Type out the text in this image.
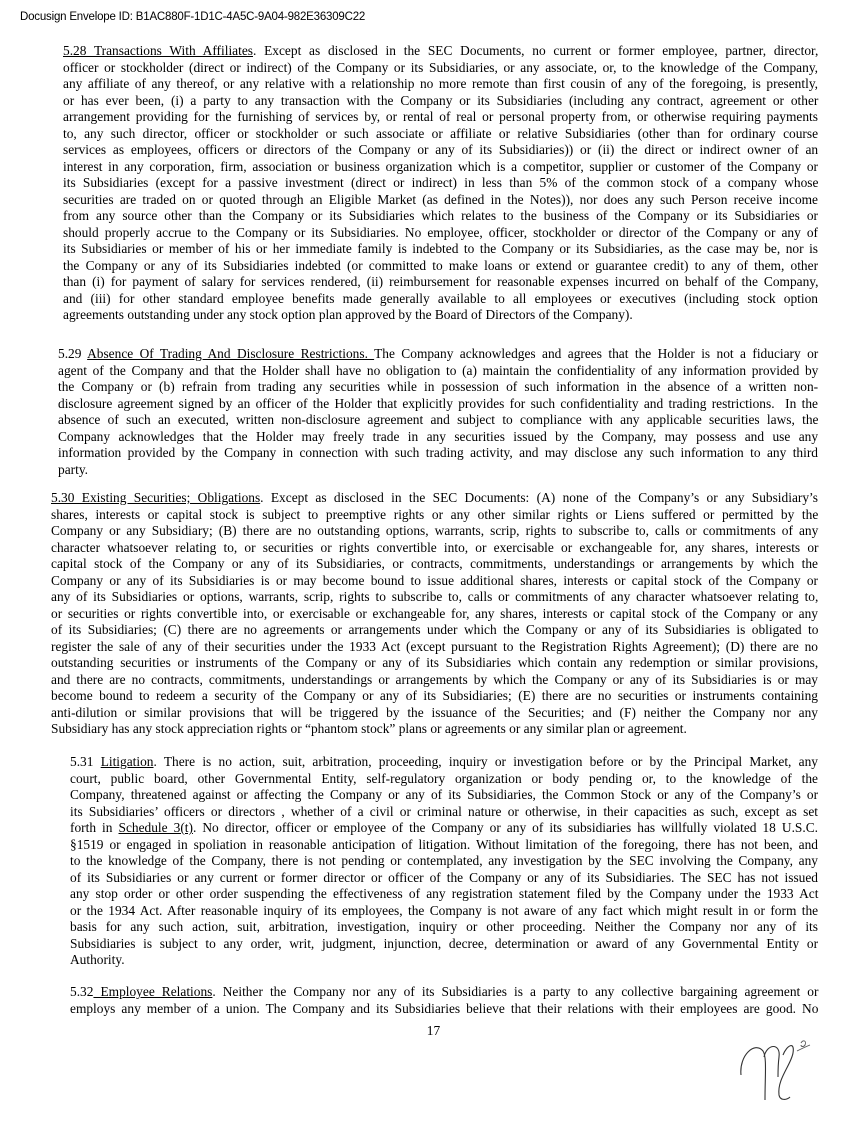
Docusign Envelope ID: B1AC880F-1D1C-4A5C-9A04-982E36309C22
5.28 Transactions With Affiliates. Except as disclosed in the SEC Documents, no current or former employee, partner, director,
officer or stockholder (direct or indirect) of the Company or its Subsidiaries, or any associate, or, to the knowledge of the Company,
any affiliate of any thereof, or any relative with a relationship no more remote than first cousin of any of the foregoing, is presently,
or has ever been, (i) a party to any transaction with the Company or its Subsidiaries (including any contract, agreement or other
arrangement providing for the furnishing of services by, or rental of real or personal property from, or otherwise requiring payments
to, any such director, officer or stockholder or such associate or affiliate or relative Subsidiaries (other than for ordinary course
services as employees, officers or directors of the Company or any of its Subsidiaries)) or (ii) the direct or indirect owner of an
interest in any corporation, firm, association or business organization which is a competitor, supplier or customer of the Company or
its Subsidiaries (except for a passive investment (direct or indirect) in less than 5% of the common stock of a company whose
securities are traded on or quoted through an Eligible Market (as defined in the Notes)), nor does any such Person receive income
from any source other than the Company or its Subsidiaries which relates to the business of the Company or its Subsidiaries or
should properly accrue to the Company or its Subsidiaries. No employee, officer, stockholder or director of the Company or any of
its Subsidiaries or member of his or her immediate family is indebted to the Company or its Subsidiaries, as the case may be, nor is
the Company or any of its Subsidiaries indebted (or committed to make loans or extend or guarantee credit) to any of them, other
than (i) for payment of salary for services rendered, (ii) reimbursement for reasonable expenses incurred on behalf of the Company,
and (iii) for other standard employee benefits made generally available to all employees or executives (including stock option
agreements outstanding under any stock option plan approved by the Board of Directors of the Company).
5.29 Absence Of Trading And Disclosure Restrictions. The Company acknowledges and agrees that the Holder is not a fiduciary or
agent of the Company and that the Holder shall have no obligation to (a) maintain the confidentiality of any information provided by
the Company or (b) refrain from trading any securities while in possession of such information in the absence of a written non-
disclosure agreement signed by an officer of the Holder that explicitly provides for such confidentiality and trading restrictions.  In the
absence of such an executed, written non-disclosure agreement and subject to compliance with any applicable securities laws, the
Company acknowledges that the Holder may freely trade in any securities issued by the Company, may possess and use any
information provided by the Company in connection with such trading activity, and may disclose any such information to any third
party.
5.30 Existing Securities; Obligations. Except as disclosed in the SEC Documents: (A) none of the Company’s or any Subsidiary’s
shares, interests or capital stock is subject to preemptive rights or any other similar rights or Liens suffered or permitted by the
Company or any Subsidiary; (B) there are no outstanding options, warrants, scrip, rights to subscribe to, calls or commitments of any
character whatsoever relating to, or securities or rights convertible into, or exercisable or exchangeable for, any shares, interests or
capital stock of the Company or any of its Subsidiaries, or contracts, commitments, understandings or arrangements by which the
Company or any of its Subsidiaries is or may become bound to issue additional shares, interests or capital stock of the Company or
any of its Subsidiaries or options, warrants, scrip, rights to subscribe to, calls or commitments of any character whatsoever relating to,
or securities or rights convertible into, or exercisable or exchangeable for, any shares, interests or capital stock of the Company or any
of its Subsidiaries; (C) there are no agreements or arrangements under which the Company or any of its Subsidiaries is obligated to
register the sale of any of their securities under the 1933 Act (except pursuant to the Registration Rights Agreement); (D) there are no
outstanding securities or instruments of the Company or any of its Subsidiaries which contain any redemption or similar provisions,
and there are no contracts, commitments, understandings or arrangements by which the Company or any of its Subsidiaries is or may
become bound to redeem a security of the Company or any of its Subsidiaries; (E) there are no securities or instruments containing
anti-dilution or similar provisions that will be triggered by the issuance of the Securities; and (F) neither the Company nor any
Subsidiary has any stock appreciation rights or “phantom stock” plans or agreements or any similar plan or agreement.
5.31 Litigation. There is no action, suit, arbitration, proceeding, inquiry or investigation before or by the Principal Market, any
court, public board, other Governmental Entity, self-regulatory organization or body pending or, to the knowledge of the
Company, threatened against or affecting the Company or any of its Subsidiaries, the Common Stock or any of the Company’s or
its Subsidiaries’ officers or directors , whether of a civil or criminal nature or otherwise, in their capacities as such, except as set
forth in Schedule 3(t). No director, officer or employee of the Company or any of its subsidiaries has willfully violated 18 U.S.C.
§1519 or engaged in spoliation in reasonable anticipation of litigation. Without limitation of the foregoing, there has not been, and
to the knowledge of the Company, there is not pending or contemplated, any investigation by the SEC involving the Company, any
of its Subsidiaries or any current or former director or officer of the Company or any of its Subsidiaries. The SEC has not issued
any stop order or other order suspending the effectiveness of any registration statement filed by the Company under the 1933 Act
or the 1934 Act. After reasonable inquiry of its employees, the Company is not aware of any fact which might result in or form the
basis for any such action, suit, arbitration, investigation, inquiry or other proceeding. Neither the Company nor any of its
Subsidiaries is subject to any order, writ, judgment, injunction, decree, determination or award of any Governmental Entity or
Authority.
5.32 Employee Relations. Neither the Company nor any of its Subsidiaries is a party to any collective bargaining agreement or
employs any member of a union. The Company and its Subsidiaries believe that their relations with their employees are good. No
17
